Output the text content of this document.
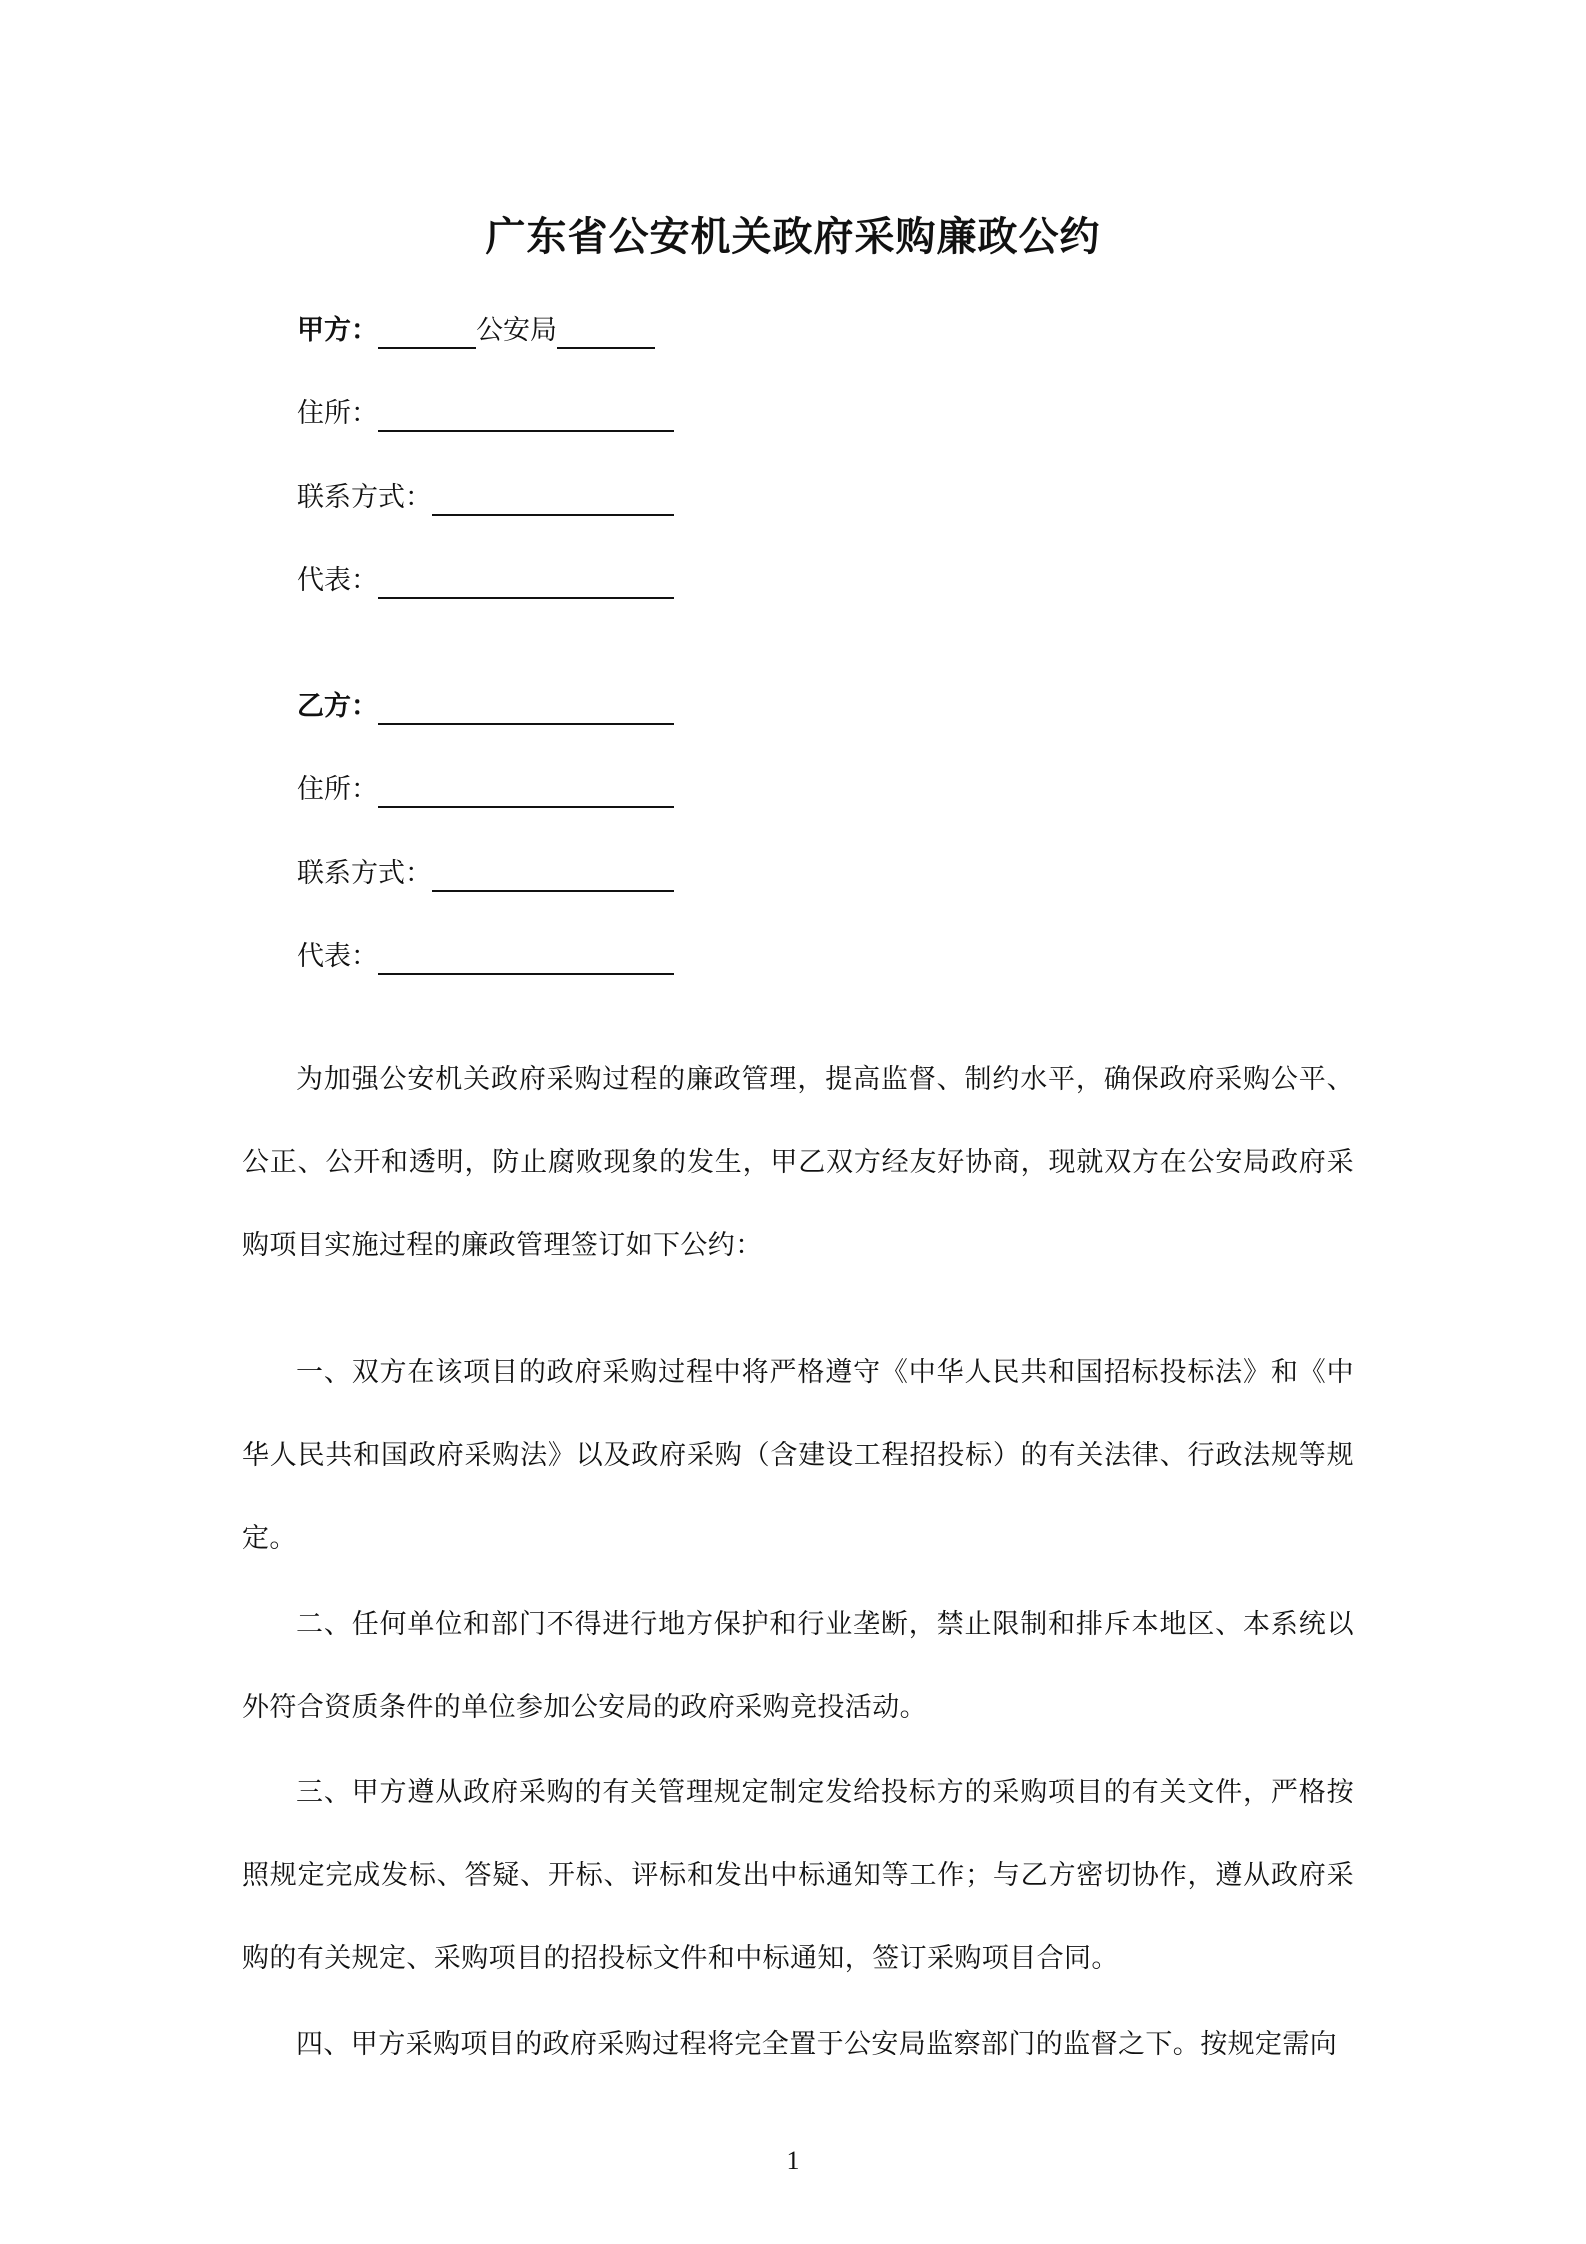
广东省公安机关政府采购廉政公约
甲方：	公安局
住所：
联系方式：
代表：
乙方：
住所：
联系方式：
代表：

为加强公安机关政府采购过程的廉政管理，提高监督、制约水平，确保政府采购公平、公正、公开和透明，防止腐败现象的发生，甲乙双方经友好协商，现就双方在公安局政府采购项目实施过程的廉政管理签订如下公约：

一、双方在该项目的政府采购过程中将严格遵守《中华人民共和国招标投标法》和《中华人民共和国政府采购法》以及政府采购（含建设工程招投标）的有关法律、行政法规等规定。

二、任何单位和部门不得进行地方保护和行业垄断，禁止限制和排斥本地区、本系统以外符合资质条件的单位参加公安局的政府采购竞投活动。

三、甲方遵从政府采购的有关管理规定制定发给投标方的采购项目的有关文件，严格按照规定完成发标、答疑、开标、评标和发出中标通知等工作；与乙方密切协作，遵从政府采购的有关规定、采购项目的招投标文件和中标通知，签订采购项目合同。

四、甲方采购项目的政府采购过程将完全置于公安局监察部门的监督之下。按规定需向

1
